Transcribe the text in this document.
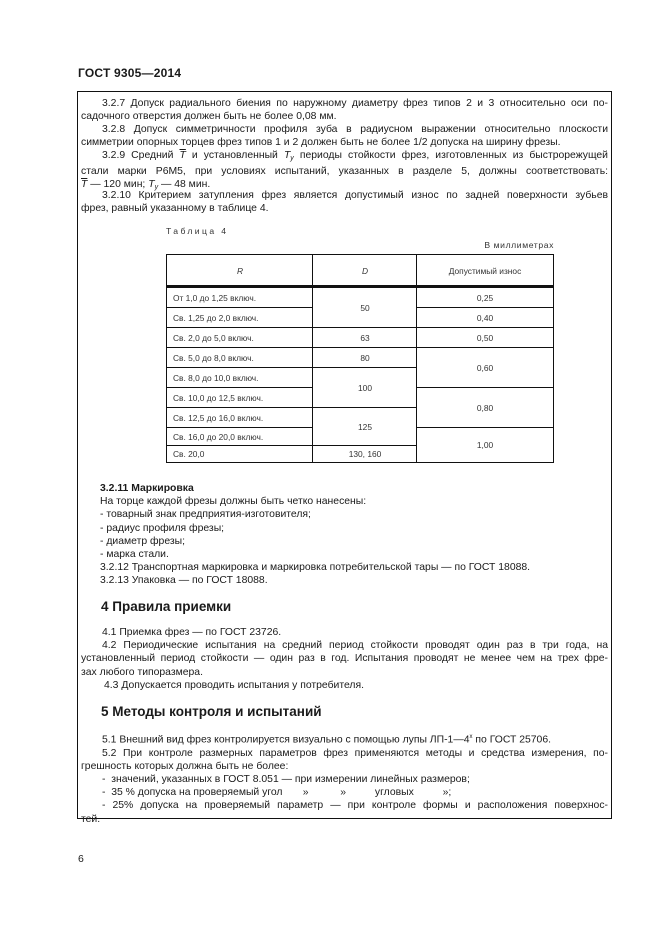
ГОСТ 9305—2014
3.2.7 Допуск радиального биения по наружному диаметру фрез типов 2 и 3 относительно оси по-
садочного отверстия должен быть не более 0,08 мм.
3.2.8 Допуск симметричности профиля зуба в радиусном выражении относительно плоскости
симметрии опорных торцев фрез типов 1 и 2 должен быть не более 1/2 допуска на ширину фрезы.
3.2.9 Средний $\overline{T}$ и установленный $T_y$ периоды стойкости фрез, изготовленных из быстрорежущей
стали марки Р6М5, при условиях испытаний, указанных в разделе 5, должны соответствовать:
$\overline{T}$ — 120 мин; $T_y$ — 48 мин.
3.2.10 Критерием затупления фрез является допустимый износ по задней поверхности зубьев
фрез, равный указанному в таблице 4.
Таблица 4
В миллиметрах
R	D	Допустимый износ
От 1,0 до 1,25 включ.
Св. 1,25 до 2,0 включ.
Св. 2,0 до 5,0 включ.
Св. 5,0 до 8,0 включ.
Св. 8,0 до 10,0 включ.
Св. 10,0 до 12,5 включ.
Св. 12,5 до 16,0 включ.
Св. 16,0 до 20,0 включ.
Св. 20,0
50
63
80
100
125
130, 160
0,25
0,40
0,50
0,60
0,80
1,00
3.2.11 Маркировка
На торце каждой фрезы должны быть четко нанесены:
- товарный знак предприятия-изготовителя;
- радиус профиля фрезы;
- диаметр фрезы;
- марка стали.
3.2.12 Транспортная маркировка и маркировка потребительской тары — по ГОСТ 18088.
3.2.13 Упаковка — по ГОСТ 18088.
4 Правила приемки
4.1 Приемка фрез — по ГОСТ 23726.
4.2 Периодические испытания на средний период стойкости проводят один раз в три года, на
установленный период стойкости — один раз в год. Испытания проводят не менее чем на трех фре-
зах любого типоразмера.
4.3 Допускается проводить испытания у потребителя.
5 Методы контроля и испытаний
5.1 Внешний вид фрез контролируется визуально с помощью лупы ЛП-1—4$^x$ по ГОСТ 25706.
5.2 При контроле размерных параметров фрез применяются методы и средства измерения, по-
грешность которых должна быть не более:
-  значений, указанных в ГОСТ 8.051 — при измерении линейных размеров;
-  35 % допуска на проверяемый угол       »           »          угловых          »;
- 25% допуска на проверяемый параметр — при контроле формы и расположения поверхнос-
тей.
6
